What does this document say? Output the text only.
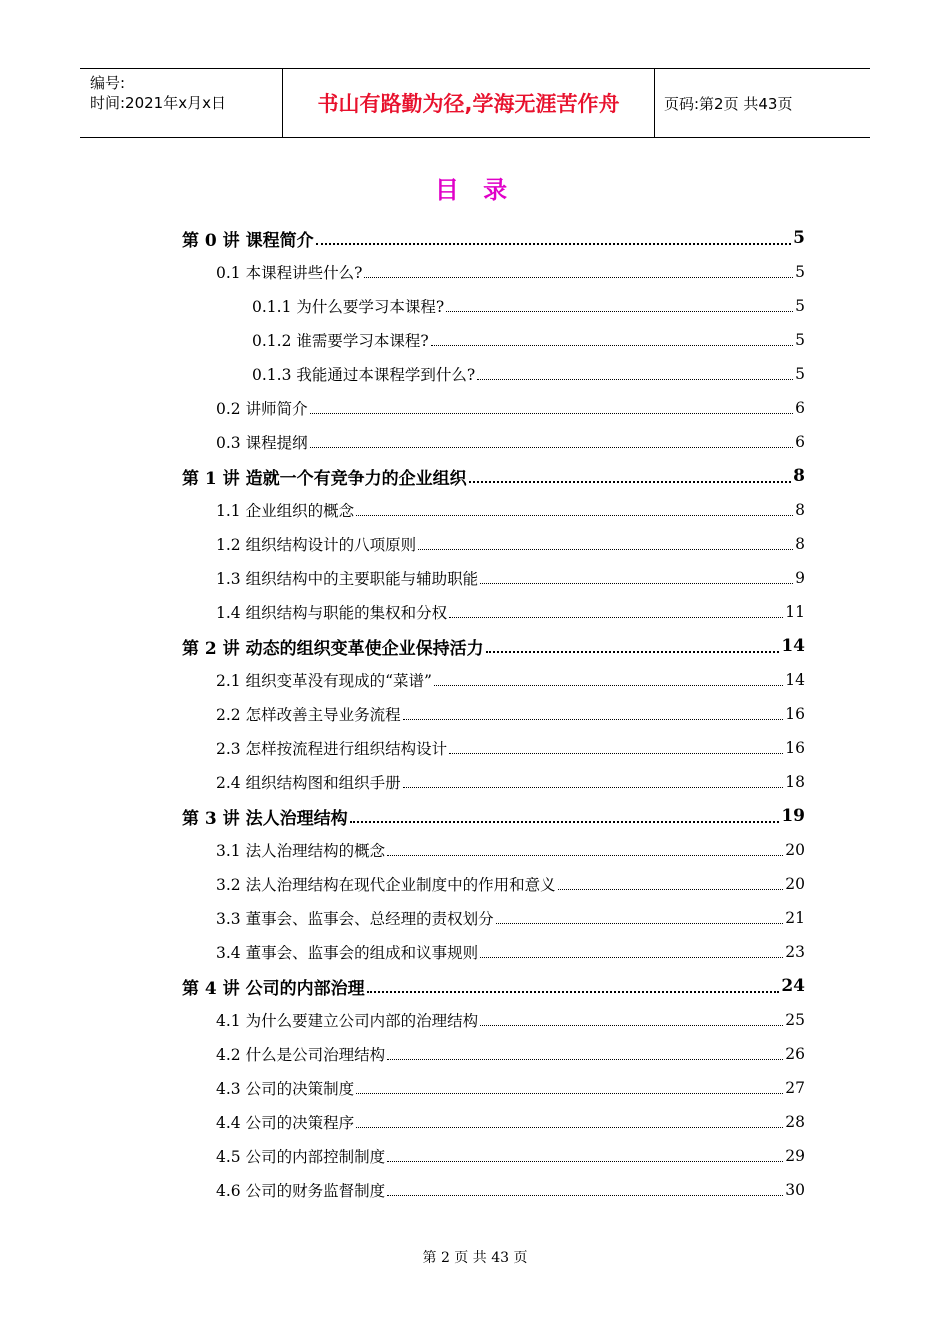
编号:
时间:2021年x月x日	书山有路勤为径,学海无涯苦作舟	页码:第2页 共43页
目 录
第 0 讲 课程简介	5
0.1 本课程讲些什么?	5
0.1.1 为什么要学习本课程?	5
0.1.2 谁需要学习本课程?	5
0.1.3 我能通过本课程学到什么?	5
0.2 讲师简介	6
0.3 课程提纲	6
第 1 讲 造就一个有竞争力的企业组织	8
1.1 企业组织的概念	8
1.2 组织结构设计的八项原则	8
1.3 组织结构中的主要职能与辅助职能	9
1.4 组织结构与职能的集权和分权	11
第 2 讲 动态的组织变革使企业保持活力	14
2.1 组织变革没有现成的“菜谱”	14
2.2 怎样改善主导业务流程	16
2.3 怎样按流程进行组织结构设计	16
2.4 组织结构图和组织手册	18
第 3 讲 法人治理结构	19
3.1 法人治理结构的概念	20
3.2 法人治理结构在现代企业制度中的作用和意义	20
3.3 董事会、监事会、总经理的责权划分	21
3.4 董事会、监事会的组成和议事规则	23
第 4 讲 公司的内部治理	24
4.1 为什么要建立公司内部的治理结构	25
4.2 什么是公司治理结构	26
4.3 公司的决策制度	27
4.4 公司的决策程序	28
4.5 公司的内部控制制度	29
4.6 公司的财务监督制度	30
第 2 页 共 43 页
